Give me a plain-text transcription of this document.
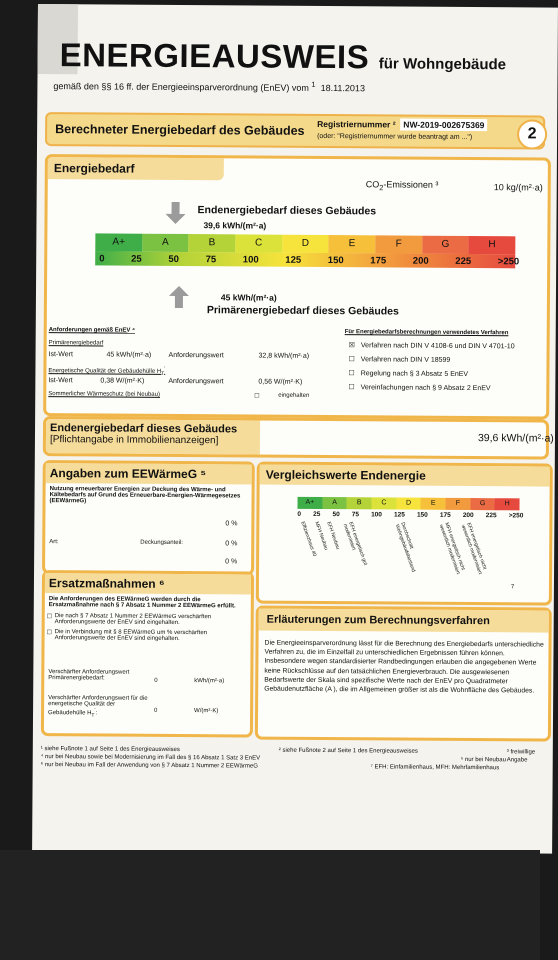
ENERGIEAUSWEIS für Wohngebäude
gemäß den §§ 16 ff. der Energieeinsparverordnung (EnEV) vom $^1$ 18.11.2013
Berechneter Energiebedarf des Gebäudes Registriernummer ² NW-2019-002675369
(oder: "Registriernummer wurde beantragt am ...")	2
Energiebedarf
$CO_2$-Emissionen ³	10 kg/(m²·a)
Endenergiebedarf dieses Gebäudes
39,6 kWh/(m²·a)
A+	A	B	C	D	E	F	G	H
0	25	50	75	100	125	150	175	200	225	>250
45 kWh/(m²·a)
Primärenergiebedarf dieses Gebäudes
Anforderungen gemäß EnEV ⁴
Primärenergiebedarf
Ist-Wert	45 kWh/(m²·a) Anforderungswert	32,8 kWh/(m²·a)
Energetische Qualität der Gebäudehülle $H_T'$
Ist-Wert	0,38 W/(m²·K)	Anforderungswert	0,56 W/(m²·K)
Sommerlicher Wärmeschutz (bei Neubau)	☐	eingehalten
Für Energiebedarfsberechnungen verwendetes Verfahren
☒ Verfahren nach DIN V 4108-6 und DIN V 4701-10
☐ Verfahren nach DIN V 18599
☐ Regelung nach § 3 Absatz 5 EnEV
☐ Vereinfachungen nach § 9 Absatz 2 EnEV
Endenergiebedarf dieses Gebäudes
[Pflichtangabe in Immobilienanzeigen]	39,6 kWh/(m²·a)
Angaben zum EEWärmeG ⁵
Nutzung erneuerbarer Energien zur Deckung des Wärme- und Kältebedarfs auf Grund des Erneuerbare-Energien-Wärmegesetzes (EEWärmeG)
0 %
Art:	Deckungsanteil:	0 %
0 %
Ersatzmaßnahmen ⁶
Die Anforderungen des EEWärmeG werden durch die Ersatzmaßnahme nach § 7 Absatz 1 Nummer 2 EEWärmeG erfüllt.
☐ Die nach § 7 Absatz 1 Nummer 2 EEWärmeG verschärften Anforderungswerte der EnEV sind eingehalten.
☐ Die in Verbindung mit § 8 EEWärmeG um % verschärften Anforderungswerte der EnEV sind eingehalten.
Verschärfter Anforderungswert Primärenergiebedarf:	0	kWh/(m²·a)
Verschärfter Anforderungswert für die energetische Qualität der Gebäudehülle $H_T'$:	0	W/(m²·K)
Vergleichswerte Endenergie
A+	A	B	C	D	E	F	G	H
0 25 50 75 100 125 150 175 200 225 >250
Effizienzhaus 40
MFH Neubau
EFH Neubau	EFH energetisch gut modernisiert	Durchschnitt Wohngebäudebestand	MFH energetisch nicht wesentlich modernisiert EFH energetisch nicht wesentlich modernisiert
7
Erläuterungen zum Berechnungsverfahren
Die Energieeinsparverordnung lässt für die Berechnung des Energiebedarfs unterschiedliche Verfahren zu, die im Einzelfall zu unterschiedlichen Ergebnissen führen können. Insbesondere wegen standardisierter Randbedingungen erlauben die angegebenen Werte keine Rückschlüsse auf den tatsächlichen Energieverbrauch. Die ausgewiesenen Bedarfswerte der Skala sind spezifische Werte nach der EnEV pro Quadratmeter Gebäudenutzfläche (A ), die im Allgemeinen größer ist als die Wohnfläche des Gebäudes.
¹ siehe Fußnote 1 auf Seite 1 des Energieausweises	² siehe Fußnote 2 auf Seite 1 des Energieausweises	³ freiwillige Angabe
⁴ nur bei Neubau sowie bei Modernisierung im Fall des § 16 Absatz 1 Satz 3 EnEV	⁵ nur bei Neubau
⁶ nur bei Neubau im Fall der Anwendung von § 7 Absatz 1 Nummer 2 EEWärmeG	⁷ EFH: Einfamilienhaus, MFH: Mehrfamilienhaus
